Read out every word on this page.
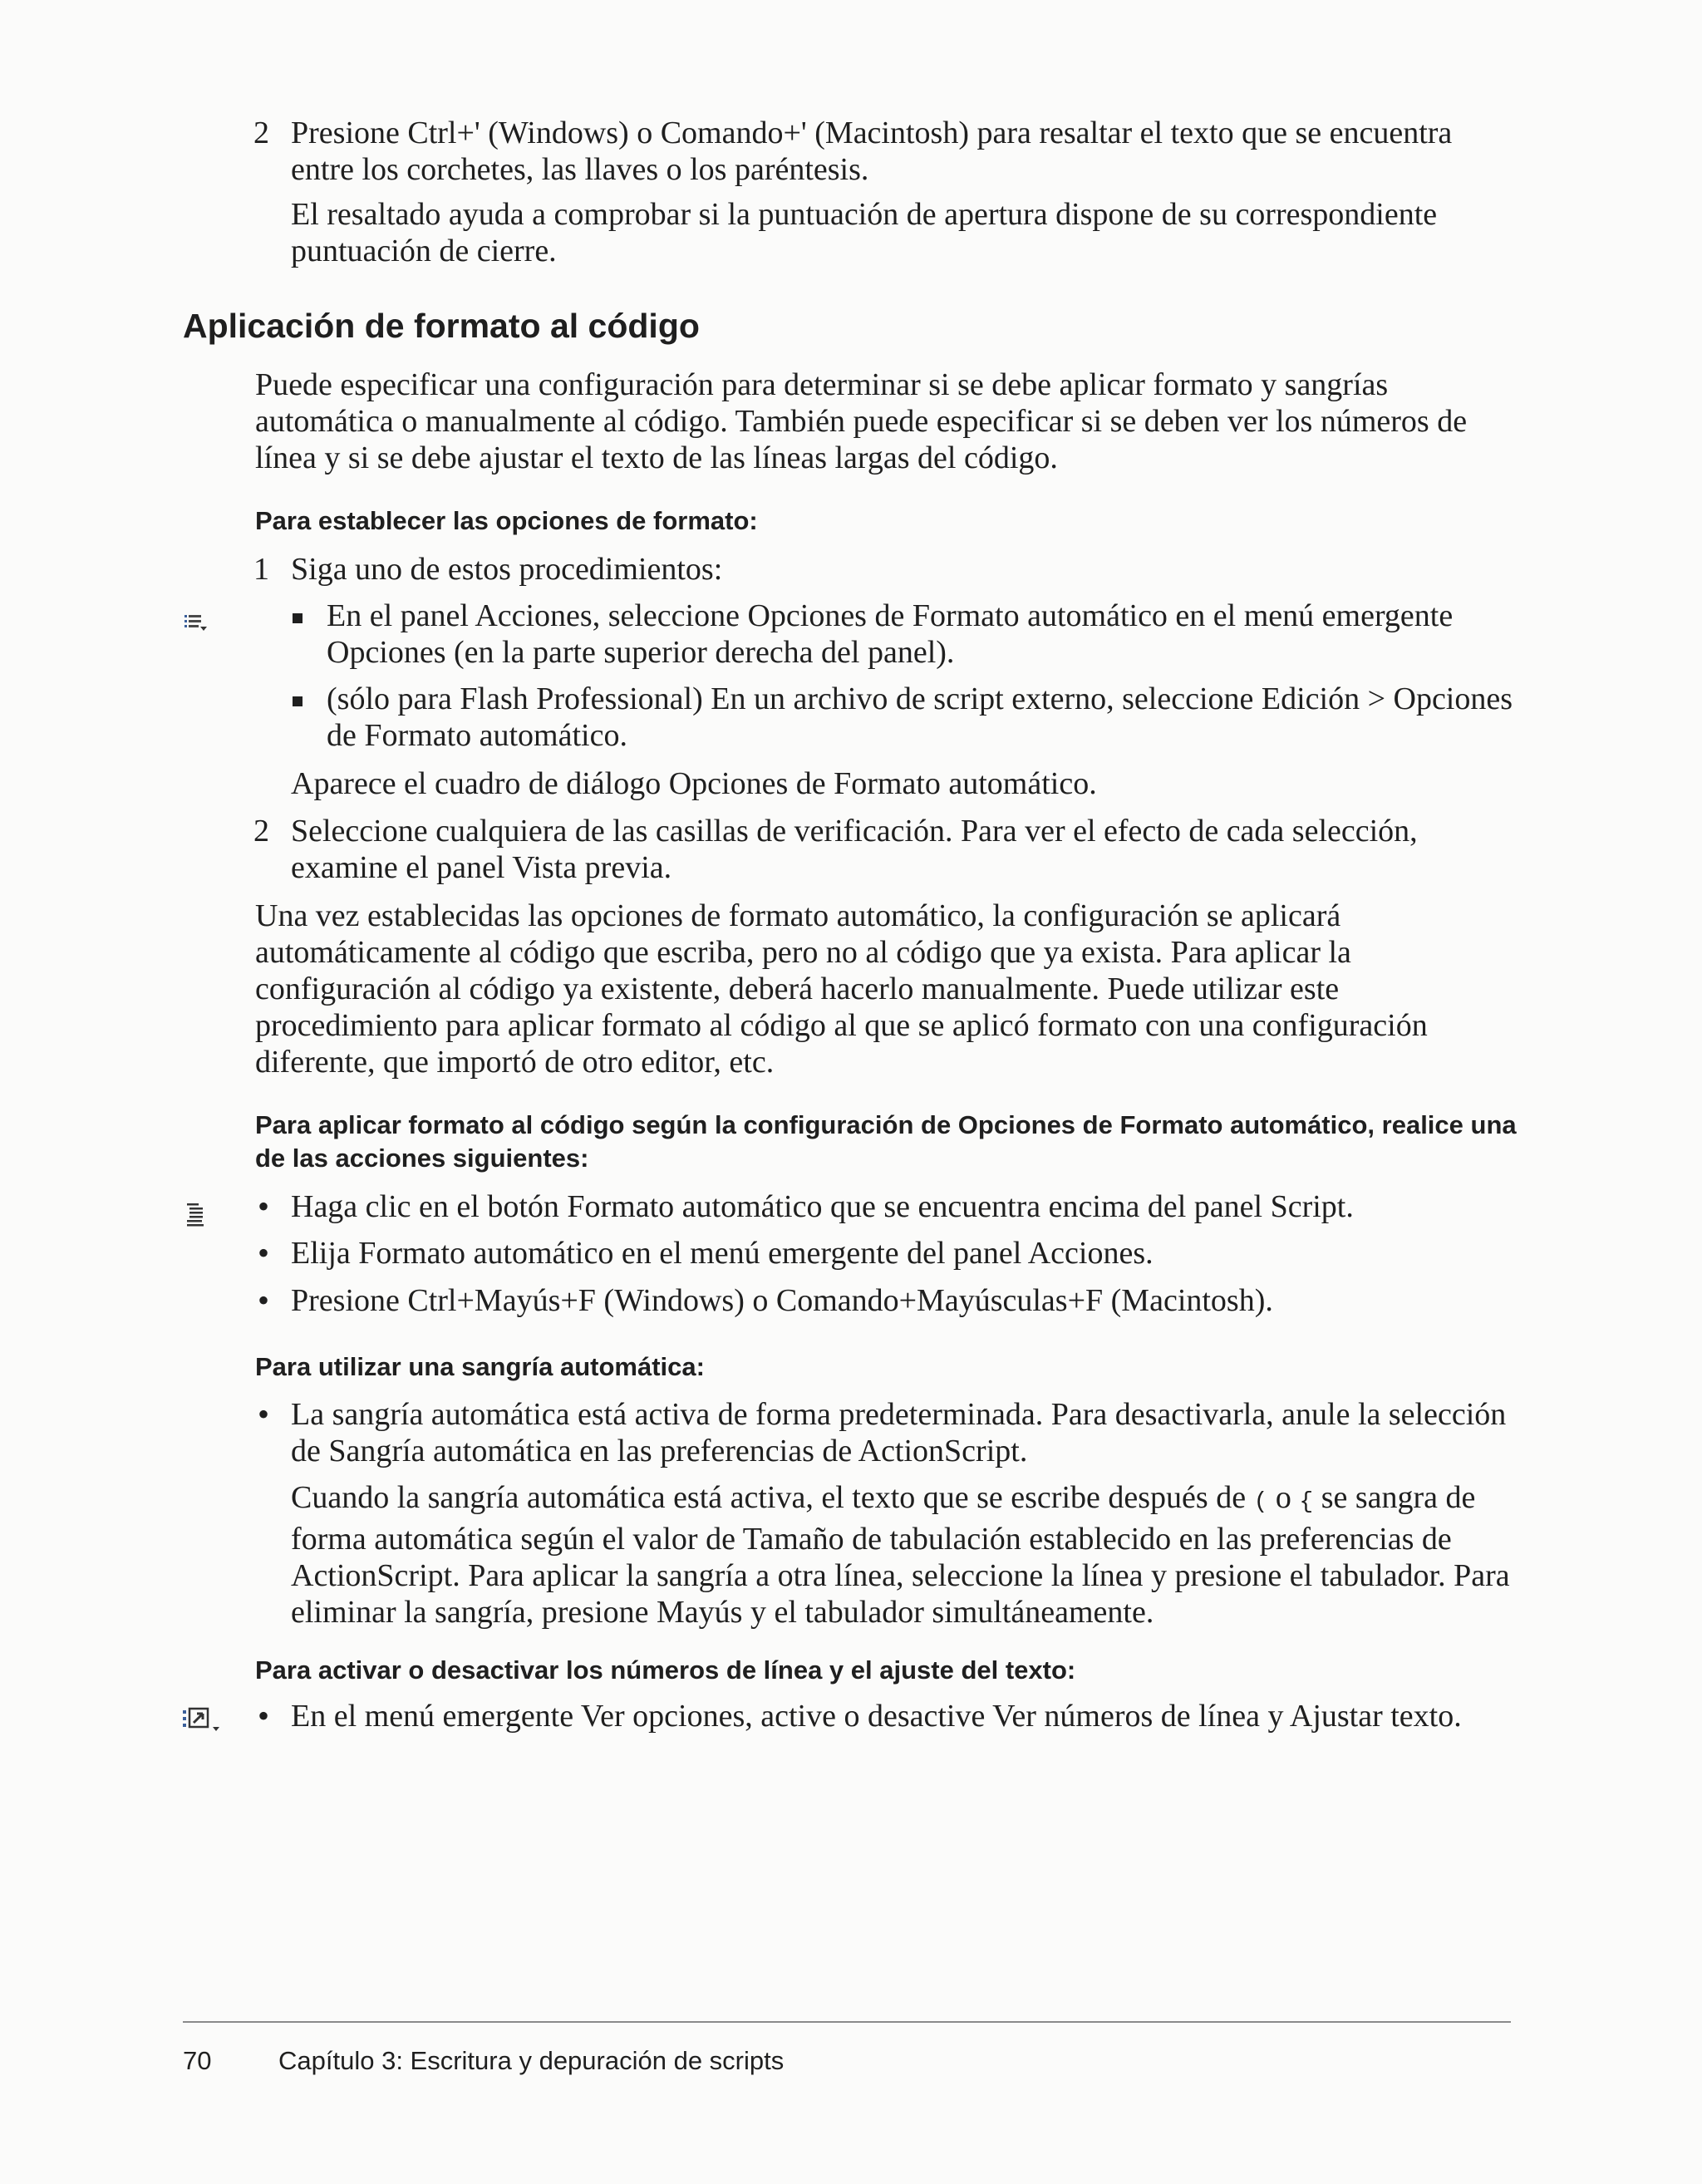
2 Presione Ctrl+' (Windows) o Comando+' (Macintosh) para resaltar el texto que se encuentra entre los corchetes, las llaves o los paréntesis.
El resaltado ayuda a comprobar si la puntuación de apertura dispone de su correspondiente puntuación de cierre.
Aplicación de formato al código
Puede especificar una configuración para determinar si se debe aplicar formato y sangrías automática o manualmente al código. También puede especificar si se deben ver los números de línea y si se debe ajustar el texto de las líneas largas del código.
Para establecer las opciones de formato:
1 Siga uno de estos procedimientos:
En el panel Acciones, seleccione Opciones de Formato automático en el menú emergente Opciones (en la parte superior derecha del panel).
(sólo para Flash Professional) En un archivo de script externo, seleccione Edición > Opciones de Formato automático.
Aparece el cuadro de diálogo Opciones de Formato automático.
2 Seleccione cualquiera de las casillas de verificación. Para ver el efecto de cada selección, examine el panel Vista previa.
Una vez establecidas las opciones de formato automático, la configuración se aplicará automáticamente al código que escriba, pero no al código que ya exista. Para aplicar la configuración al código ya existente, deberá hacerlo manualmente. Puede utilizar este procedimiento para aplicar formato al código al que se aplicó formato con una configuración diferente, que importó de otro editor, etc.
Para aplicar formato al código según la configuración de Opciones de Formato automático, realice una de las acciones siguientes:
• Haga clic en el botón Formato automático que se encuentra encima del panel Script.
• Elija Formato automático en el menú emergente del panel Acciones.
• Presione Ctrl+Mayús+F (Windows) o Comando+Mayúsculas+F (Macintosh).
Para utilizar una sangría automática:
• La sangría automática está activa de forma predeterminada. Para desactivarla, anule la selección de Sangría automática en las preferencias de ActionScript.
Cuando la sangría automática está activa, el texto que se escribe después de ( o { se sangra de forma automática según el valor de Tamaño de tabulación establecido en las preferencias de ActionScript. Para aplicar la sangría a otra línea, seleccione la línea y presione el tabulador. Para eliminar la sangría, presione Mayús y el tabulador simultáneamente.
Para activar o desactivar los números de línea y el ajuste del texto:
• En el menú emergente Ver opciones, active o desactive Ver números de línea y Ajustar texto.
70	Capítulo 3: Escritura y depuración de scripts
